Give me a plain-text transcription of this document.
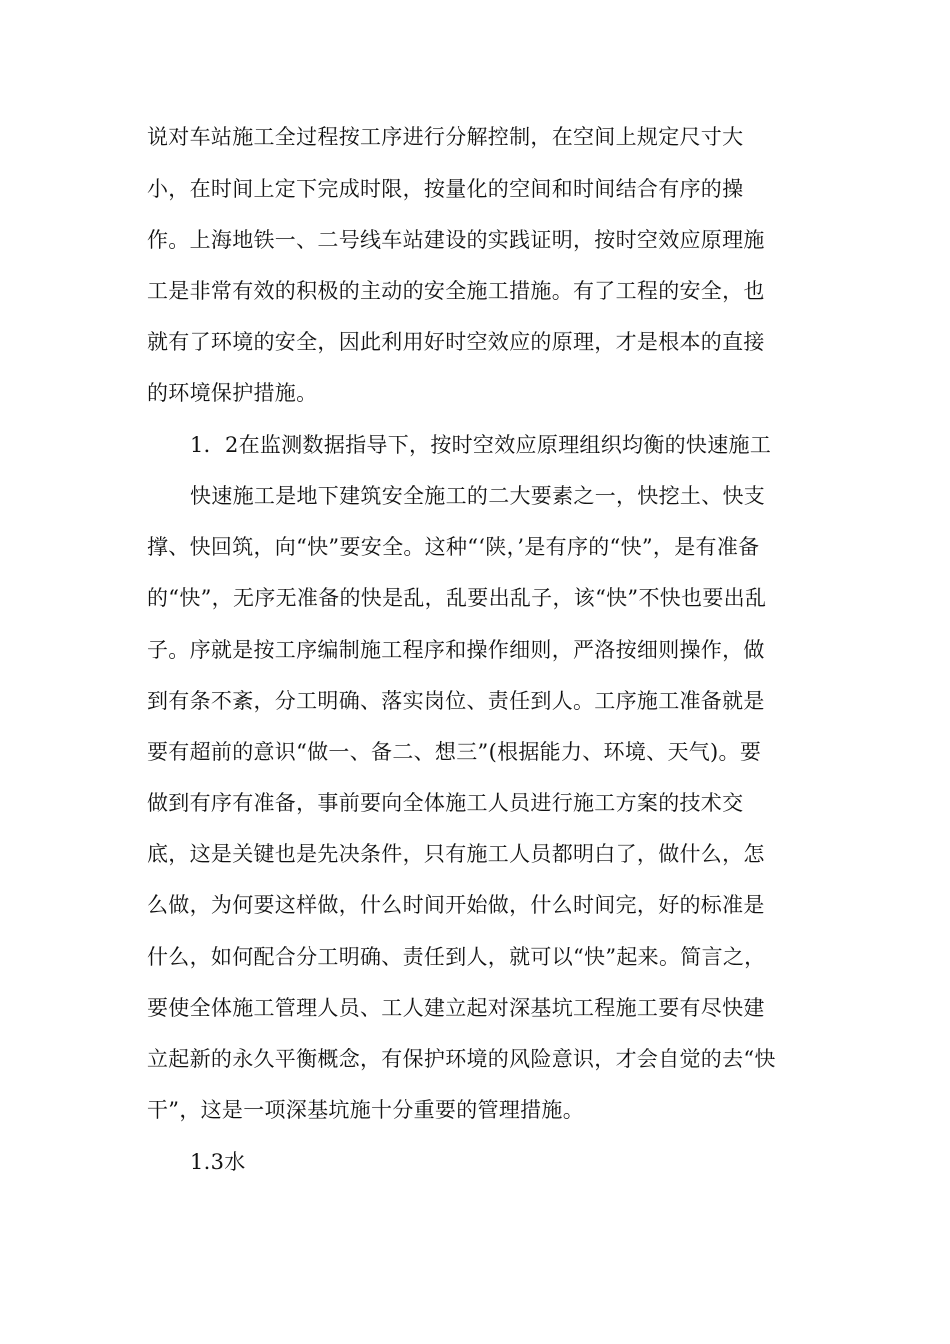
说对车站施工全过程按工序进行分解控制，在空间上规定尺寸大
小，在时间上定下完成时限，按量化的空间和时间结合有序的操
作。上海地铁一、二号线车站建设的实践证明，按时空效应原理施
工是非常有效的积极的主动的安全施工措施。有了工程的安全，也
就有了环境的安全，因此利用好时空效应的原理，才是根本的直接
的环境保护措施。
1．2在监测数据指导下，按时空效应原理组织均衡的快速施工
快速施工是地下建筑安全施工的二大要素之一，快挖土、快支
撑、快回筑，向“快”要安全。这种“‘陕，’是有序的“快”，是有准备
的“快”，无序无准备的快是乱，乱要出乱子，该“快”不快也要出乱
子。序就是按工序编制施工程序和操作细则，严洛按细则操作，做
到有条不紊，分工明确、落实岗位、责任到人。工序施工准备就是
要有超前的意识“做一、备二、想三”(根据能力、环境、天气)。要
做到有序有准备，事前要向全体施工人员进行施工方案的技术交
底，这是关键也是先决条件，只有施工人员都明白了，做什么，怎
么做，为何要这样做，什么时间开始做，什么时间完，好的标准是
什么，如何配合分工明确、责任到人，就可以“快”起来。简言之，
要使全体施工管理人员、工人建立起对深基坑工程施工要有尽快建
立起新的永久平衡概念，有保护环境的风险意识，才会自觉的去“快
干”，这是一项深基坑施十分重要的管理措施。
1.3水
